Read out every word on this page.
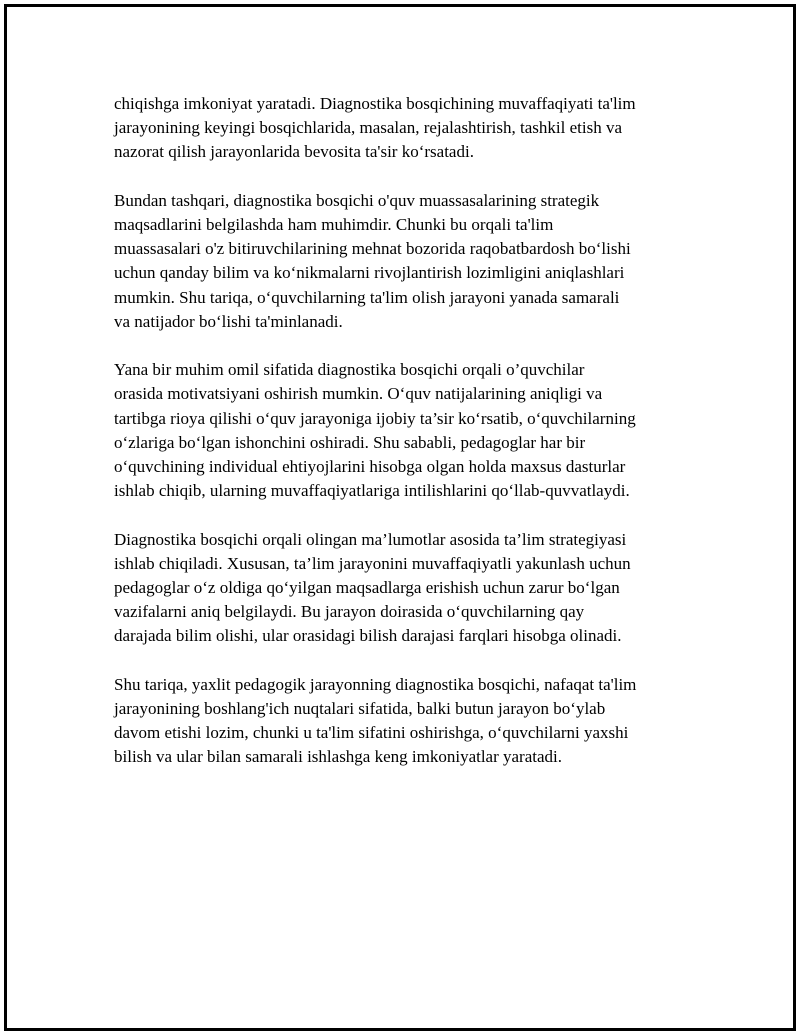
chiqishga imkoniyat yaratadi. Diagnostika bosqichining muvaffaqiyati ta'lim
jarayonining keyingi bosqichlarida, masalan, rejalashtirish, tashkil etish va
nazorat qilish jarayonlarida bevosita ta'sir ko‘rsatadi.

Bundan tashqari, diagnostika bosqichi o'quv muassasalarining strategik
maqsadlarini belgilashda ham muhimdir. Chunki bu orqali ta'lim
muassasalari o'z bitiruvchilarining mehnat bozorida raqobatbardosh bo‘lishi
uchun qanday bilim va ko‘nikmalarni rivojlantirish lozimligini aniqlashlari
mumkin. Shu tariqa, o‘quvchilarning ta'lim olish jarayoni yanada samarali
va natijador bo‘lishi ta'minlanadi.

Yana bir muhim omil sifatida diagnostika bosqichi orqali o’quvchilar
orasida motivatsiyani oshirish mumkin. O‘quv natijalarining aniqligi va
tartibga rioya qilishi o‘quv jarayoniga ijobiy ta’sir ko‘rsatib, o‘quvchilarning
o‘zlariga bo‘lgan ishonchini oshiradi. Shu sababli, pedagoglar har bir
o‘quvchining individual ehtiyojlarini hisobga olgan holda maxsus dasturlar
ishlab chiqib, ularning muvaffaqiyatlariga intilishlarini qo‘llab-quvvatlaydi.

Diagnostika bosqichi orqali olingan ma’lumotlar asosida ta’lim strategiyasi
ishlab chiqiladi. Xususan, ta’lim jarayonini muvaffaqiyatli yakunlash uchun
pedagoglar o‘z oldiga qo‘yilgan maqsadlarga erishish uchun zarur bo‘lgan
vazifalarni aniq belgilaydi. Bu jarayon doirasida o‘quvchilarning qay
darajada bilim olishi, ular orasidagi bilish darajasi farqlari hisobga olinadi.

Shu tariqa, yaxlit pedagogik jarayonning diagnostika bosqichi, nafaqat ta'lim
jarayonining boshlang'ich nuqtalari sifatida, balki butun jarayon bo‘ylab
davom etishi lozim, chunki u ta'lim sifatini oshirishga, o‘quvchilarni yaxshi
bilish va ular bilan samarali ishlashga keng imkoniyatlar yaratadi.
